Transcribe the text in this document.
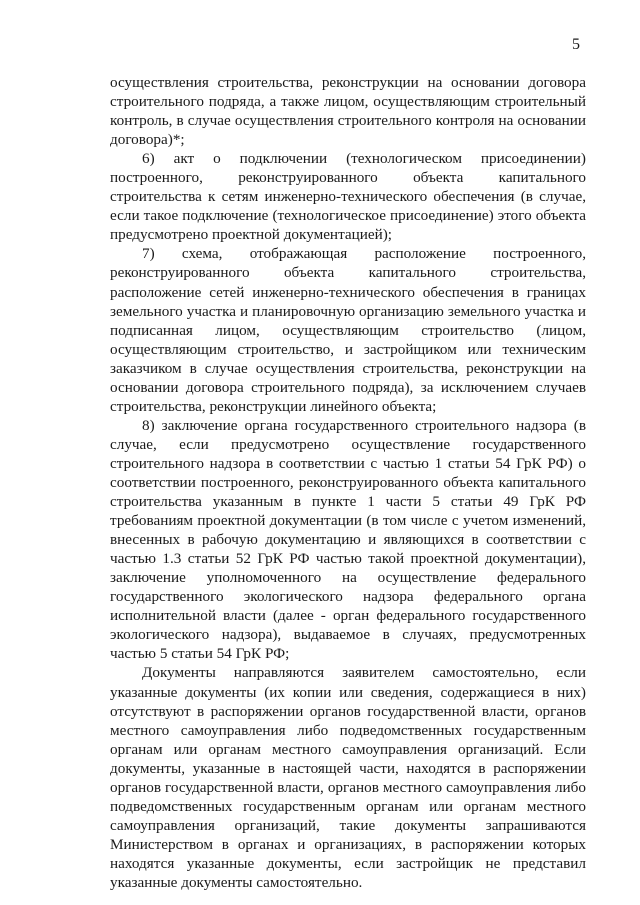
5

осуществления строительства, реконструкции на основании договора строительного подряда, а также лицом, осуществляющим строительный контроль, в случае осуществления строительного контроля на основании договора)*;

6) акт о подключении (технологическом присоединении) построенного, реконструированного объекта капитального строительства к сетям инженерно-технического обеспечения (в случае, если такое подключение (технологическое присоединение) этого объекта предусмотрено проектной документацией);

7) схема, отображающая расположение построенного, реконструированного объекта капитального строительства, расположение сетей инженерно-технического обеспечения в границах земельного участка и планировочную организацию земельного участка и подписанная лицом, осуществляющим строительство (лицом, осуществляющим строительство, и застройщиком или техническим заказчиком в случае осуществления строительства, реконструкции на основании договора строительного подряда), за исключением случаев строительства, реконструкции линейного объекта;

8) заключение органа государственного строительного надзора (в случае, если предусмотрено осуществление государственного строительного надзора в соответствии с частью 1 статьи 54 ГрК РФ) о соответствии построенного, реконструированного объекта капитального строительства указанным в пункте 1 части 5 статьи 49 ГрК РФ требованиям проектной документации (в том числе с учетом изменений, внесенных в рабочую документацию и являющихся в соответствии с частью 1.3 статьи 52 ГрК РФ частью такой проектной документации), заключение уполномоченного на осуществление федерального государственного экологического надзора федерального органа исполнительной власти (далее - орган федерального государственного экологического надзора), выдаваемое в случаях, предусмотренных частью 5 статьи 54 ГрК РФ;

Документы направляются заявителем самостоятельно, если указанные документы (их копии или сведения, содержащиеся в них) отсутствуют в распоряжении органов государственной власти, органов местного самоуправления либо подведомственных государственным органам или органам местного самоуправления организаций. Если документы, указанные в настоящей части, находятся в распоряжении органов государственной власти, органов местного самоуправления либо подведомственных государственным органам или органам местного самоуправления организаций, такие документы запрашиваются Министерством в органах и организациях, в распоряжении которых находятся указанные документы, если застройщик не представил указанные документы самостоятельно.
